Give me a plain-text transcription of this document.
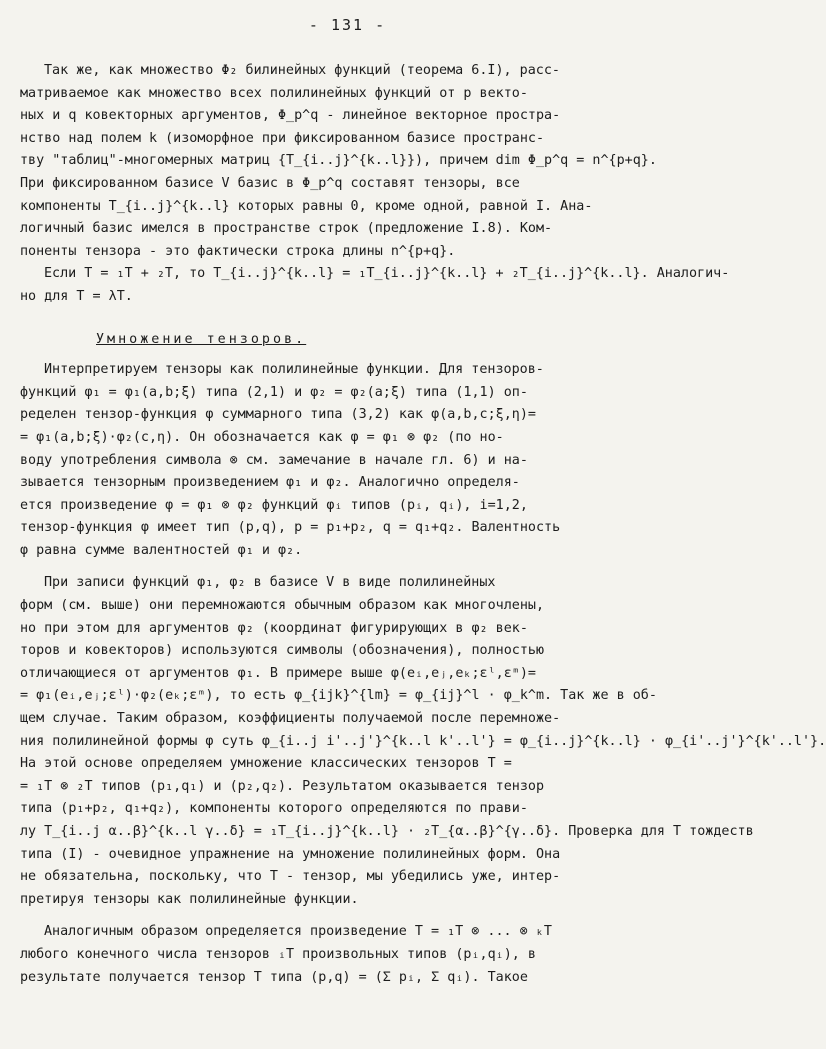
- 131 -
Так же, как множество Φ₂ билинейных функций (теорема 6.I), расс-
матриваемое как множество всех полилинейных функций от p векто-
ных и q ковекторных аргументов, Φ_p^q - линейное векторное простра-
нство над полем k (изоморфное при фиксированном базисе пространс-
тву "таблиц"-многомерных матриц {T_{i..j}^{k..l}}), причем dim Φ_p^q = n^{p+q}.
При фиксированном базисе V базис в Φ_p^q составят тензоры, все
компоненты T_{i..j}^{k..l} которых равны 0, кроме одной, равной I. Ана-
логичный базис имелся в пространстве строк (предложение I.8). Ком-
поненты тензора - это фактически строка длины n^{p+q}.
Если T = ₁T + ₂T, то T_{i..j}^{k..l} = ₁T_{i..j}^{k..l} + ₂T_{i..j}^{k..l}. Аналогич-
но для T = λT.
Умножение тензоров.
Интерпретируем тензоры как полилинейные функции. Для тензоров-
функций φ₁ = φ₁(a,b;ξ) типа (2,1) и φ₂ = φ₂(a;ξ) типа (1,1) оп-
ределен тензор-функция φ суммарного типа (3,2) как φ(a,b,c;ξ,η)=
= φ₁(a,b;ξ)·φ₂(c,η). Он обозначается как φ = φ₁ ⊗ φ₂ (по но-
воду употребления символа ⊗ см. замечание в начале гл. 6) и на-
зывается тензорным произведением φ₁ и φ₂. Аналогично определя-
ется произведение φ = φ₁ ⊗ φ₂ функций φᵢ типов (pᵢ, qᵢ), i=1,2,
тензор-функция φ имеет тип (p,q), p = p₁+p₂, q = q₁+q₂. Валентность
φ равна сумме валентностей φ₁ и φ₂.
При записи функций φ₁, φ₂ в базисе V в виде полилинейных
форм (см. выше) они перемножаются обычным образом как многочлены,
но при этом для аргументов φ₂ (координат фигурирующих в φ₂ век-
торов и ковекторов) используются символы (обозначения), полностью
отличающиеся от аргументов φ₁. В примере выше φ(eᵢ,eⱼ,eₖ;εˡ,εᵐ)=
= φ₁(eᵢ,eⱼ;εˡ)·φ₂(eₖ;εᵐ), то есть φ_{ijk}^{lm} = φ_{ij}^l · φ_k^m. Так же в об-
щем случае. Таким образом, коэффициенты получаемой после перемноже-
ния полилинейной формы φ суть φ_{i..j i'..j'}^{k..l k'..l'} = φ_{i..j}^{k..l} · φ_{i'..j'}^{k'..l'}.
На этой основе определяем умножение классических тензоров T =
= ₁T ⊗ ₂T типов (p₁,q₁) и (p₂,q₂). Результатом оказывается тензор
типа (p₁+p₂, q₁+q₂), компоненты которого определяются по прави-
лу T_{i..j α..β}^{k..l γ..δ} = ₁T_{i..j}^{k..l} · ₂T_{α..β}^{γ..δ}. Проверка для T тождеств
типа (I) - очевидное упражнение на умножение полилинейных форм. Она
не обязательна, поскольку, что T - тензор, мы убедились уже, интер-
претируя тензоры как полилинейные функции.
Аналогичным образом определяется произведение T = ₁T ⊗ ... ⊗ ₖT
любого конечного числа тензоров ᵢT произвольных типов (pᵢ,qᵢ), в
результате получается тензор T типа (p,q) = (Σ pᵢ, Σ qᵢ). Такое
